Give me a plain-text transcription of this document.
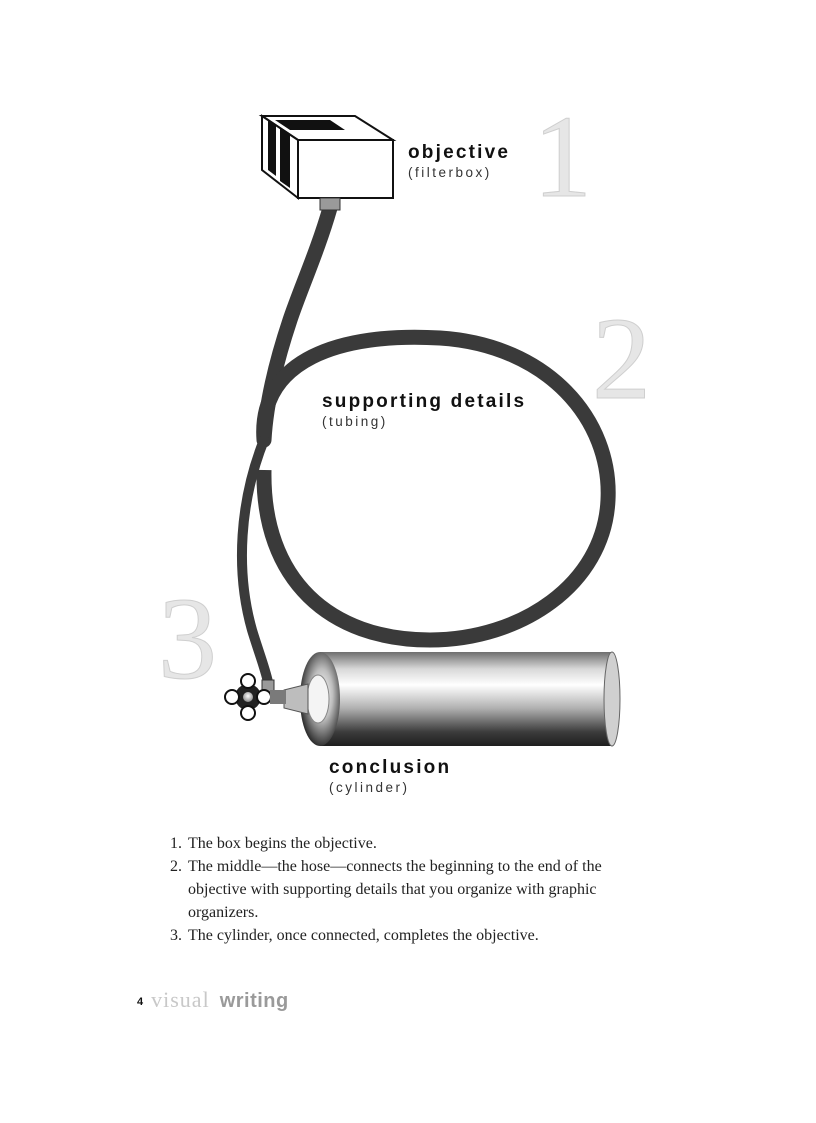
1
2
3
objective
(filterbox)
supporting details
(tubing)
conclusion
(cylinder)
1. The box begins the objective.
2. The middle—the hose—connects the beginning to the end of the objective with supporting details that you organize with graphic organizers.
3. The cylinder, once connected, completes the objective.
4 visual writing
